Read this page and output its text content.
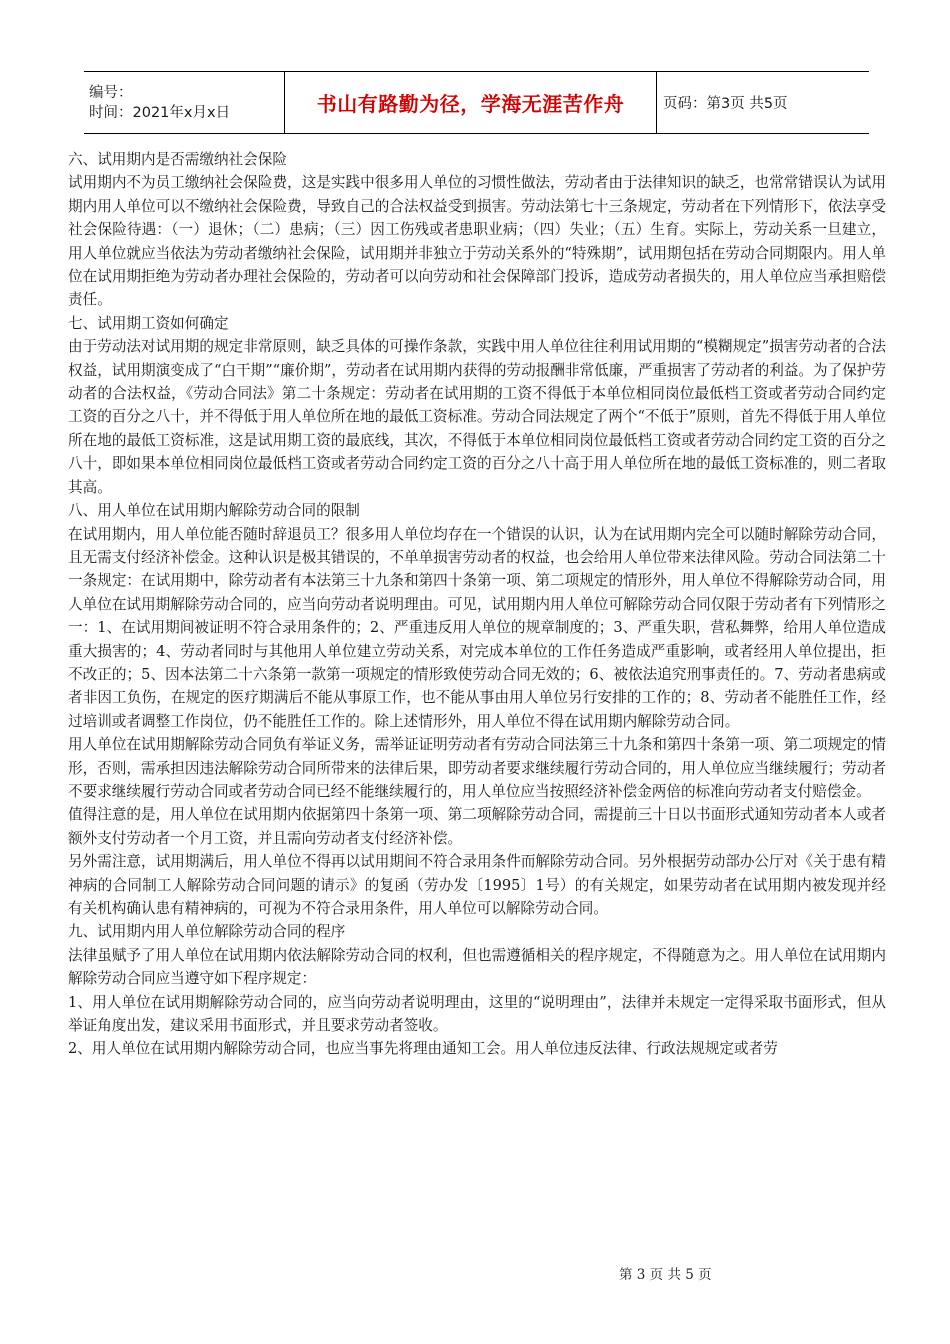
编号：
时间：2021年x月x日	书山有路勤为径，学海无涯苦作舟	页码：第3页 共5页

六、试用期内是否需缴纳社会保险

试用期内不为员工缴纳社会保险费，这是实践中很多用人单位的习惯性做法，劳动者由于法律知识的缺乏，也常常错误认为试用期内用人单位可以不缴纳社会保险费，导致自己的合法权益受到损害。劳动法第七十三条规定，劳动者在下列情形下，依法享受社会保险待遇：（一）退休；（二）患病；（三）因工伤残或者患职业病；（四）失业；（五）生育。实际上，劳动关系一旦建立，用人单位就应当依法为劳动者缴纳社会保险，试用期并非独立于劳动关系外的“特殊期”，试用期包括在劳动合同期限内。用人单位在试用期拒绝为劳动者办理社会保险的，劳动者可以向劳动和社会保障部门投诉，造成劳动者损失的，用人单位应当承担赔偿责任。

七、试用期工资如何确定

由于劳动法对试用期的规定非常原则，缺乏具体的可操作条款，实践中用人单位往往利用试用期的“模糊规定”损害劳动者的合法权益，试用期演变成了“白干期”“廉价期”，劳动者在试用期内获得的劳动报酬非常低廉，严重损害了劳动者的利益。为了保护劳动者的合法权益，《劳动合同法》第二十条规定：劳动者在试用期的工资不得低于本单位相同岗位最低档工资或者劳动合同约定工资的百分之八十，并不得低于用人单位所在地的最低工资标准。劳动合同法规定了两个“不低于”原则，首先不得低于用人单位所在地的最低工资标准，这是试用期工资的最底线，其次，不得低于本单位相同岗位最低档工资或者劳动合同约定工资的百分之八十，即如果本单位相同岗位最低档工资或者劳动合同约定工资的百分之八十高于用人单位所在地的最低工资标准的，则二者取其高。

八、用人单位在试用期内解除劳动合同的限制

在试用期内，用人单位能否随时辞退员工？很多用人单位均存在一个错误的认识，认为在试用期内完全可以随时解除劳动合同，且无需支付经济补偿金。这种认识是极其错误的，不单单损害劳动者的权益，也会给用人单位带来法律风险。劳动合同法第二十一条规定：在试用期中，除劳动者有本法第三十九条和第四十条第一项、第二项规定的情形外，用人单位不得解除劳动合同，用人单位在试用期解除劳动合同的，应当向劳动者说明理由。可见，试用期内用人单位可解除劳动合同仅限于劳动者有下列情形之一：1、在试用期间被证明不符合录用条件的；2、严重违反用人单位的规章制度的；3、严重失职，营私舞弊，给用人单位造成重大损害的；4、劳动者同时与其他用人单位建立劳动关系，对完成本单位的工作任务造成严重影响，或者经用人单位提出，拒不改正的；5、因本法第二十六条第一款第一项规定的情形致使劳动合同无效的；6、被依法追究刑事责任的。7、劳动者患病或者非因工负伤，在规定的医疗期满后不能从事原工作，也不能从事由用人单位另行安排的工作的；8、劳动者不能胜任工作，经过培训或者调整工作岗位，仍不能胜任工作的。除上述情形外，用人单位不得在试用期内解除劳动合同。

用人单位在试用期解除劳动合同负有举证义务，需举证证明劳动者有劳动合同法第三十九条和第四十条第一项、第二项规定的情形，否则，需承担因违法解除劳动合同所带来的法律后果，即劳动者要求继续履行劳动合同的，用人单位应当继续履行；劳动者不要求继续履行劳动合同或者劳动合同已经不能继续履行的，用人单位应当按照经济补偿金两倍的标准向劳动者支付赔偿金。

值得注意的是，用人单位在试用期内依据第四十条第一项、第二项解除劳动合同，需提前三十日以书面形式通知劳动者本人或者额外支付劳动者一个月工资，并且需向劳动者支付经济补偿。

另外需注意，试用期满后，用人单位不得再以试用期间不符合录用条件而解除劳动合同。另外根据劳动部办公厅对《关于患有精神病的合同制工人解除劳动合同问题的请示》的复函（劳办发〔1995〕1号）的有关规定，如果劳动者在试用期内被发现并经有关机构确认患有精神病的，可视为不符合录用条件，用人单位可以解除劳动合同。

九、试用期内用人单位解除劳动合同的程序

法律虽赋予了用人单位在试用期内依法解除劳动合同的权利，但也需遵循相关的程序规定，不得随意为之。用人单位在试用期内解除劳动合同应当遵守如下程序规定：

1、用人单位在试用期解除劳动合同的，应当向劳动者说明理由，这里的“说明理由”，法律并未规定一定得采取书面形式，但从举证角度出发，建议采用书面形式，并且要求劳动者签收。

2、用人单位在试用期内解除劳动合同，也应当事先将理由通知工会。用人单位违反法律、行政法规规定或者劳

第 3 页 共 5 页
